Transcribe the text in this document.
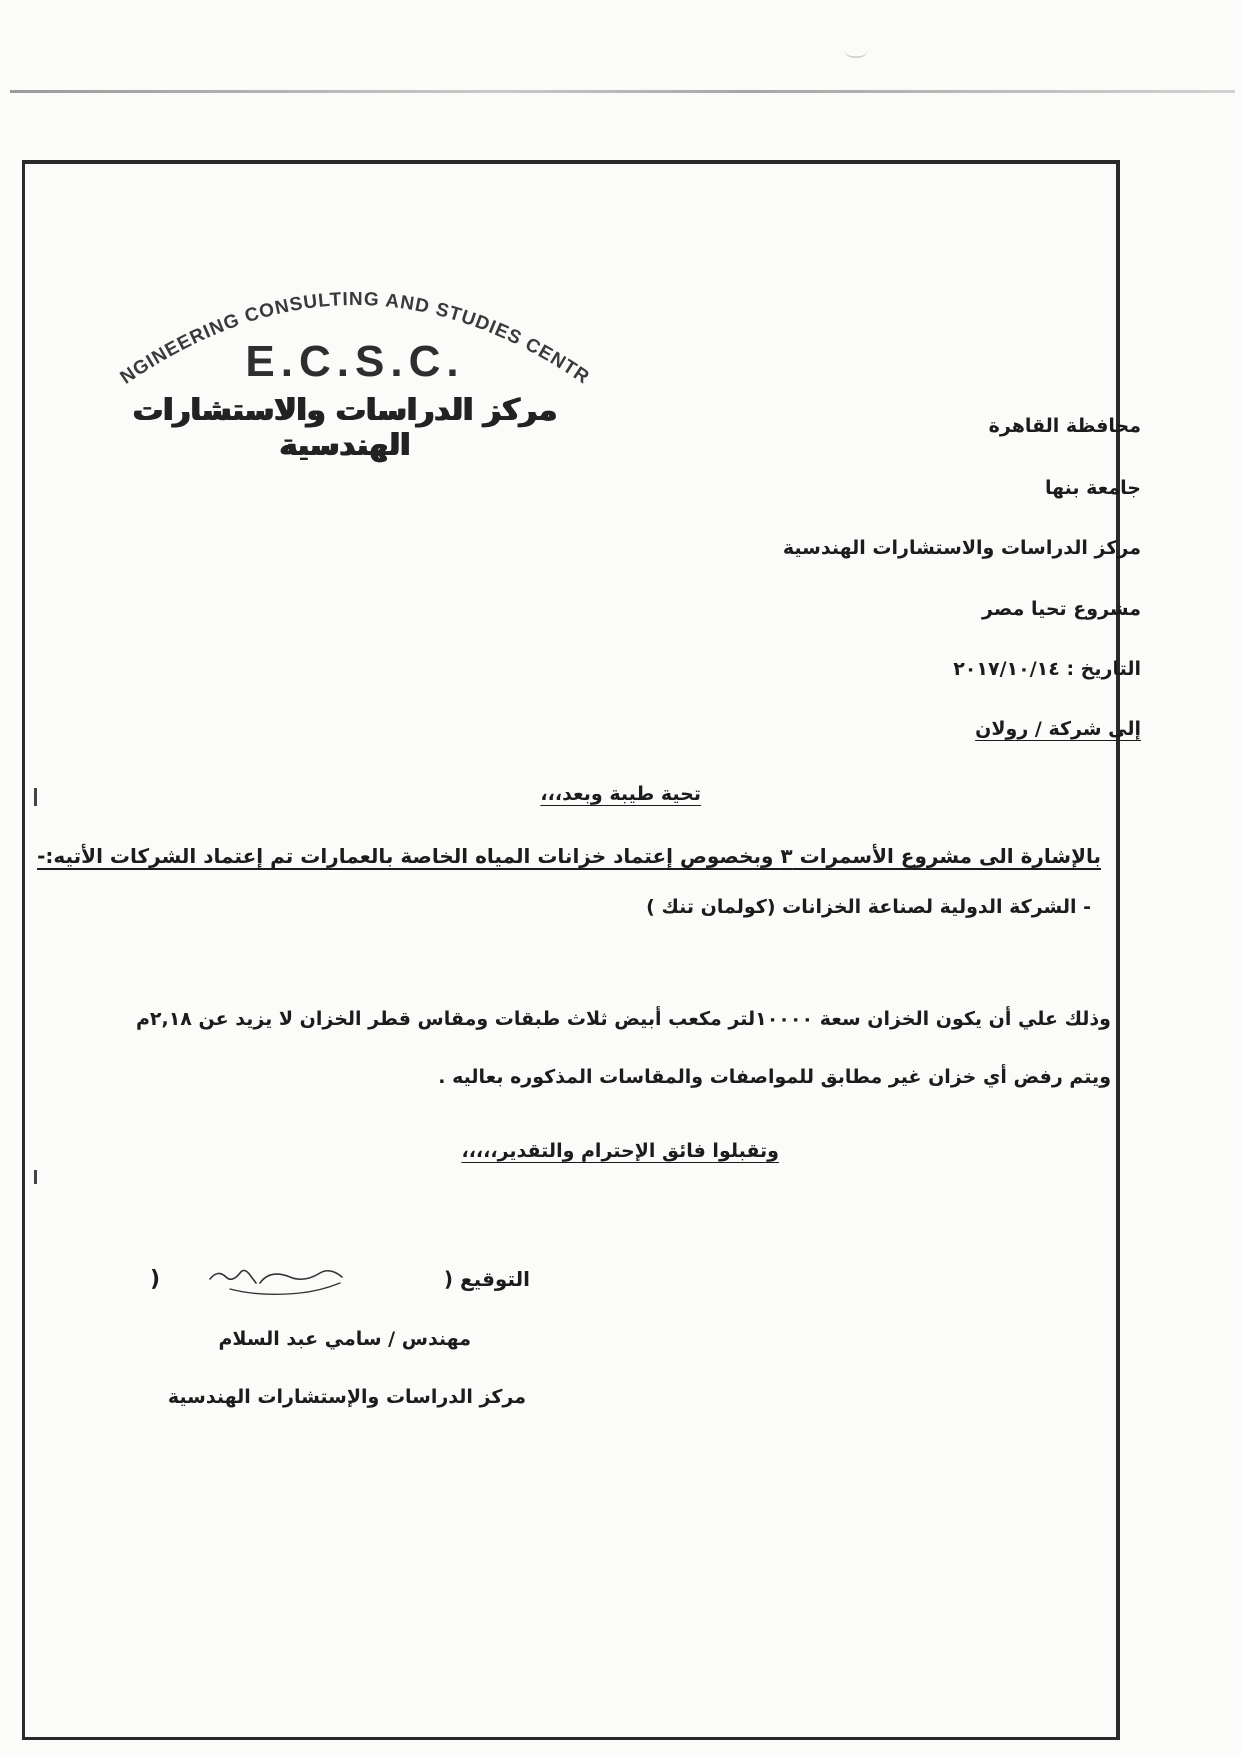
NGINEERING CONSULTING AND STUDIES CENTR
E.C.S.C.
مركز الدراسات والاستشارات الهندسية
محافظة القاهرة
جامعة بنها
مركز الدراسات والاستشارات الهندسية
مشروع تحيا مصر
التاريخ : ٢٠١٧/١٠/١٤
إلى شركة / رولان
تحية طيبة وبعد،،،
بالإشارة الى مشروع الأسمرات ٣ وبخصوص إعتماد خزانات المياه الخاصة بالعمارات تم إعتماد الشركات الأتيه:-
- الشركة الدولية لصناعة الخزانات (كولمان تنك )
وذلك علي أن يكون الخزان سعة ١٠٠٠٠لتر مكعب أبيض ثلاث طبقات ومقاس قطر الخزان لا يزيد عن ٢,١٨م
ويتم رفض أي خزان غير مطابق للمواصفات والمقاسات المذكوره بعاليه .
وتقبلوا فائق الإحترام والتقدير،،،،،
)	التوقيع (
مهندس / سامي عبد السلام
مركز الدراسات والإستشارات الهندسية
